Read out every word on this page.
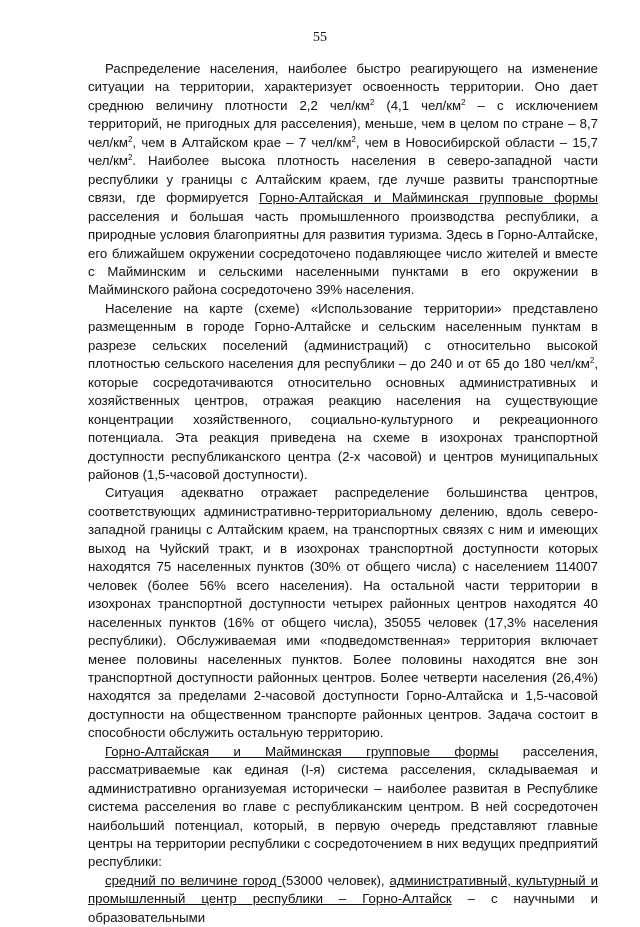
55

Распределение населения, наиболее быстро реагирующего на изменение ситуации на территории, характеризует освоенность территории. Оно дает среднюю величину плотности 2,2 чел/$км^2$ (4,1 чел/$км^2$ – с исключением территорий, не пригодных для расселения), меньше, чем в целом по стране – 8,7 чел/$км^2$, чем в Алтайском крае – 7 чел/$км^2$, чем в Новосибирской области – 15,7 чел/$км^2$. Наиболее высока плотность населения в северо-западной части республики у границы с Алтайским краем, где лучше развиты транспортные связи, где формируется Горно-Алтайская и Майминская групповые формы расселения и большая часть промышленного производства республики, а природные условия благоприятны для развития туризма. Здесь в Горно-Алтайске, его ближайшем окружении сосредоточено подавляющее число жителей и вместе с Майминским и сельскими населенными пунктами в его окружении в Майминского района сосредоточено 39% населения.

Население на карте (схеме) «Использование территории» представлено размещенным в городе Горно-Алтайске и сельским населенным пунктам в разрезе сельских поселений (администраций) с относительно высокой плотностью сельского населения для республики – до 240 и от 65 до 180 чел/$км^2$, которые сосредотачиваются относительно основных административных и хозяйственных центров, отражая реакцию населения на существующие концентрации хозяйственного, социально-культурного и рекреационного потенциала. Эта реакция приведена на схеме в изохронах транспортной доступности республиканского центра (2-х часовой) и центров муниципальных районов (1,5-часовой доступности).

Ситуация адекватно отражает распределение большинства центров, соответствующих административно-территориальному делению, вдоль северо-западной границы с Алтайским краем, на транспортных связях с ним и имеющих выход на Чуйский тракт, и в изохронах транспортной доступности которых находятся 75 населенных пунктов (30% от общего числа) с населением 114007 человек (более 56% всего населения). На остальной части территории в изохронах транспортной доступности четырех районных центров находятся 40 населенных пунктов (16% от общего числа), 35055 человек (17,3% населения республики). Обслуживаемая ими «подведомственная» территория включает менее половины населенных пунктов. Более половины находятся вне зон транспортной доступности районных центров. Более четверти населения (26,4%) находятся за пределами 2-часовой доступности Горно-Алтайска и 1,5-часовой доступности на общественном транспорте районных центров. Задача состоит в способности обслужить остальную территорию.

Горно-Алтайская и Майминская групповые формы расселения, рассматриваемые как единая (I-я) система расселения, складываемая и административно организуемая исторически – наиболее развитая в Республике система расселения во главе с республиканским центром. В ней сосредоточен наибольший потенциал, который, в первую очередь представляют главные центры на территории республики с сосредоточением в них ведущих предприятий республики:

средний по величине город (53000 человек), административный, культурный и промышленный центр республики – Горно-Алтайск – с научными и образовательными
